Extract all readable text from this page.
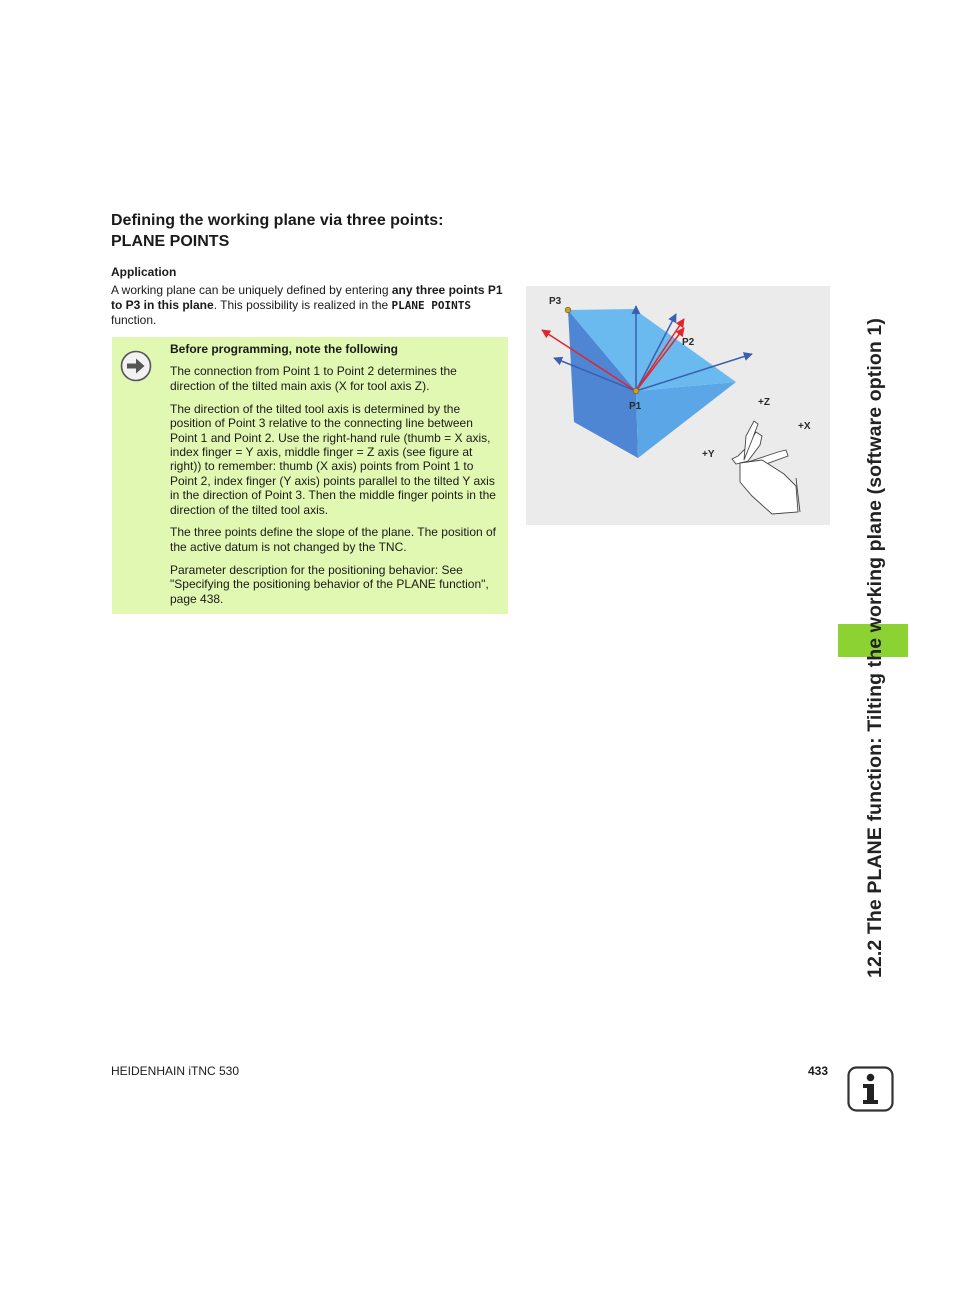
Defining the working plane via three points:
PLANE POINTS
Application

A working plane can be uniquely defined by entering any three points P1 to P3 in this plane. This possibility is realized in the PLANE POINTS function.

Before programming, note the following

The connection from Point 1 to Point 2 determines the direction of the tilted main axis (X for tool axis Z).

The direction of the tilted tool axis is determined by the position of Point 3 relative to the connecting line between Point 1 and Point 2. Use the right-hand rule (thumb = X axis, index finger = Y axis, middle finger = Z axis (see figure at right)) to remember: thumb (X axis) points from Point 1 to Point 2, index finger (Y axis) points parallel to the tilted Y axis in the direction of Point 3. Then the middle finger points in the direction of the tilted tool axis.

The three points define the slope of the plane. The position of the active datum is not changed by the TNC.

Parameter description for the positioning behavior: See "Specifying the positioning behavior of the PLANE function", page 438.

P3
P2
P1	+Z
+X
+Y	12.2 The PLANE function: Tilting the working plane (software option 1)
HEIDENHAIN iTNC 530	433
